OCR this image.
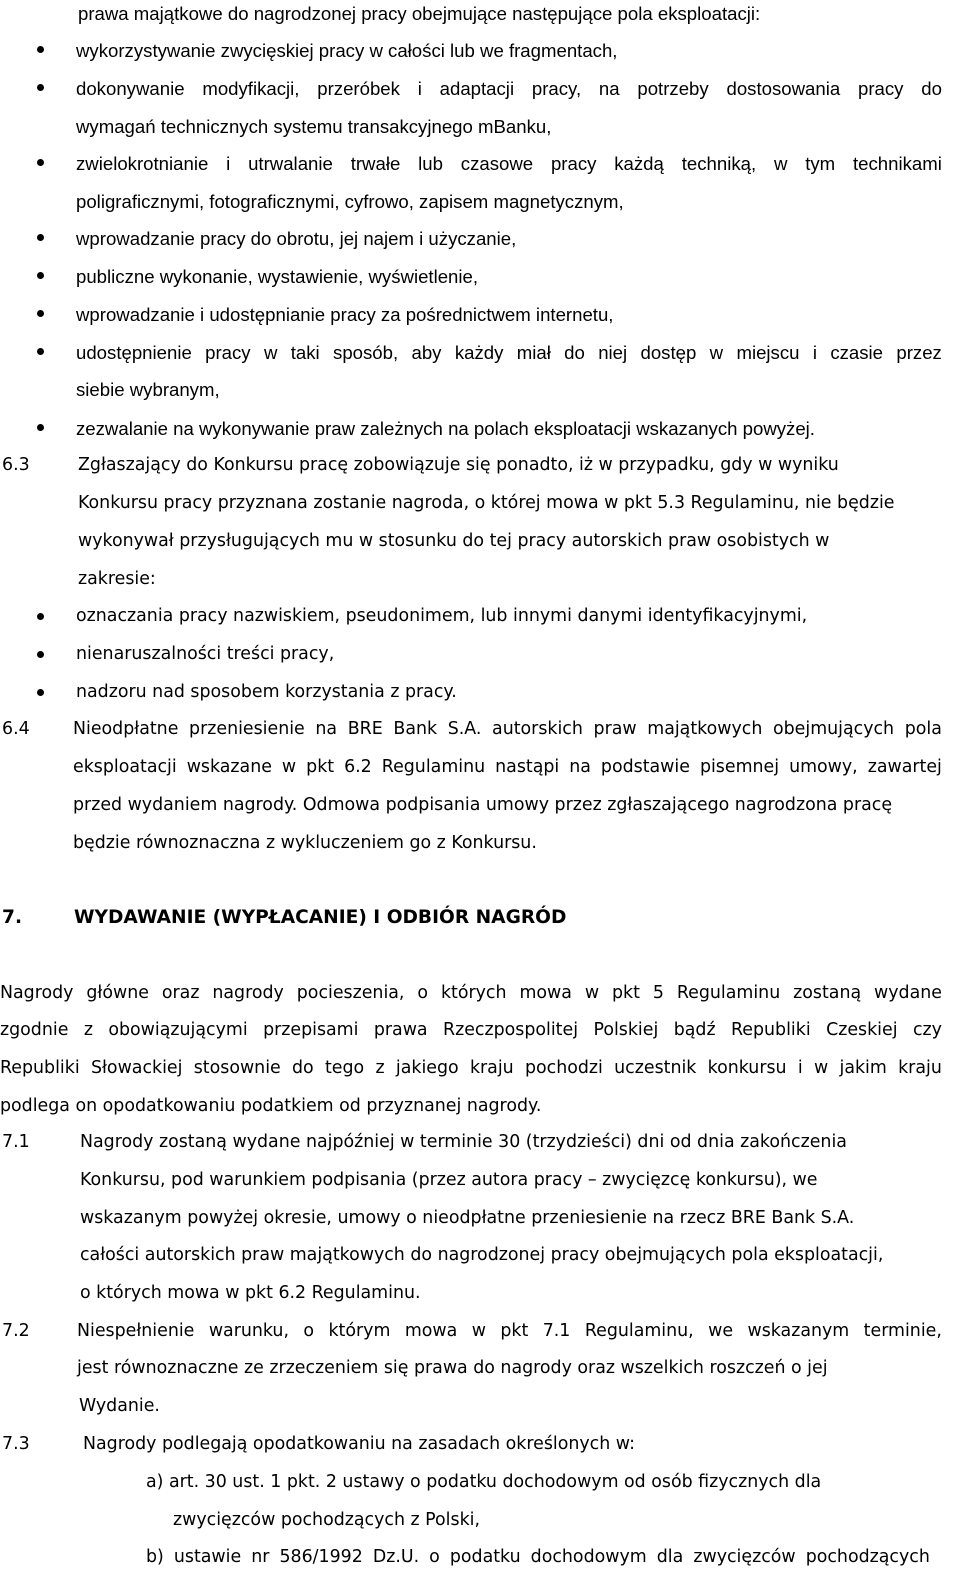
prawa majątkowe do nagrodzonej pracy obejmujące następujące pola eksploatacji:
wykorzystywanie zwycięskiej pracy w całości lub we fragmentach,
dokonywanie modyfikacji, przeróbek i adaptacji pracy, na potrzeby dostosowania pracy do
wymagań technicznych systemu transakcyjnego mBanku,
zwielokrotnianie i utrwalanie trwałe lub czasowe pracy każdą techniką, w tym technikami
poligraficznymi, fotograficznymi, cyfrowo, zapisem magnetycznym,
wprowadzanie pracy do obrotu, jej najem i użyczanie,
publiczne wykonanie, wystawienie, wyświetlenie,
wprowadzanie i udostępnianie pracy za pośrednictwem internetu,
udostępnienie pracy w taki sposób, aby każdy miał do niej dostęp w miejscu i czasie przez
siebie wybranym,
zezwalanie na wykonywanie praw zależnych na polach eksploatacji wskazanych powyżej.
6.3	Zgłaszający do Konkursu pracę zobowiązuje się ponadto, iż w przypadku, gdy w wyniku
Konkursu pracy przyznana zostanie nagroda, o której mowa w pkt 5.3 Regulaminu, nie będzie
wykonywał przysługujących mu w stosunku do tej pracy autorskich praw osobistych w
zakresie:
oznaczania pracy nazwiskiem, pseudonimem, lub innymi danymi identyfikacyjnymi,
nienaruszalności treści pracy,
nadzoru nad sposobem korzystania z pracy.
6.4 Nieodpłatne przeniesienie na BRE Bank S.A. autorskich praw majątkowych obejmujących pola
eksploatacji wskazane w pkt 6.2 Regulaminu nastąpi na podstawie pisemnej umowy, zawartej
przed wydaniem nagrody. Odmowa podpisania umowy przez zgłaszającego nagrodzona pracę
będzie równoznaczna z wykluczeniem go z Konkursu.
7.	WYDAWANIE (WYPŁACANIE) I ODBIÓR NAGRÓD
Nagrody główne oraz nagrody pocieszenia, o których mowa w pkt 5 Regulaminu zostaną wydane
zgodnie z obowiązującymi przepisami prawa Rzeczpospolitej Polskiej bądź Republiki Czeskiej czy
Republiki Słowackiej stosownie do tego z jakiego kraju pochodzi uczestnik konkursu i w jakim kraju
podlega on opodatkowaniu podatkiem od przyznanej nagrody.
7.1	Nagrody zostaną wydane najpóźniej w terminie 30 (trzydzieści) dni od dnia zakończenia
Konkursu, pod warunkiem podpisania (przez autora pracy – zwycięzcę konkursu), we
wskazanym powyżej okresie, umowy o nieodpłatne przeniesienie na rzecz BRE Bank S.A.
całości autorskich praw majątkowych do nagrodzonej pracy obejmujących pola eksploatacji,
o których mowa w pkt 6.2 Regulaminu.
7.2	Niespełnienie warunku, o którym mowa w pkt 7.1 Regulaminu, we wskazanym terminie,
jest równoznaczne ze zrzeczeniem się prawa do nagrody oraz wszelkich roszczeń o jej
Wydanie.
7.3	Nagrody podlegają opodatkowaniu na zasadach określonych w:
a) art. 30 ust. 1 pkt. 2 ustawy o podatku dochodowym od osób fizycznych dla
zwycięzców pochodzących z Polski,
b) ustawie nr 586/1992 Dz.U. o podatku dochodowym dla zwycięzców pochodzących
